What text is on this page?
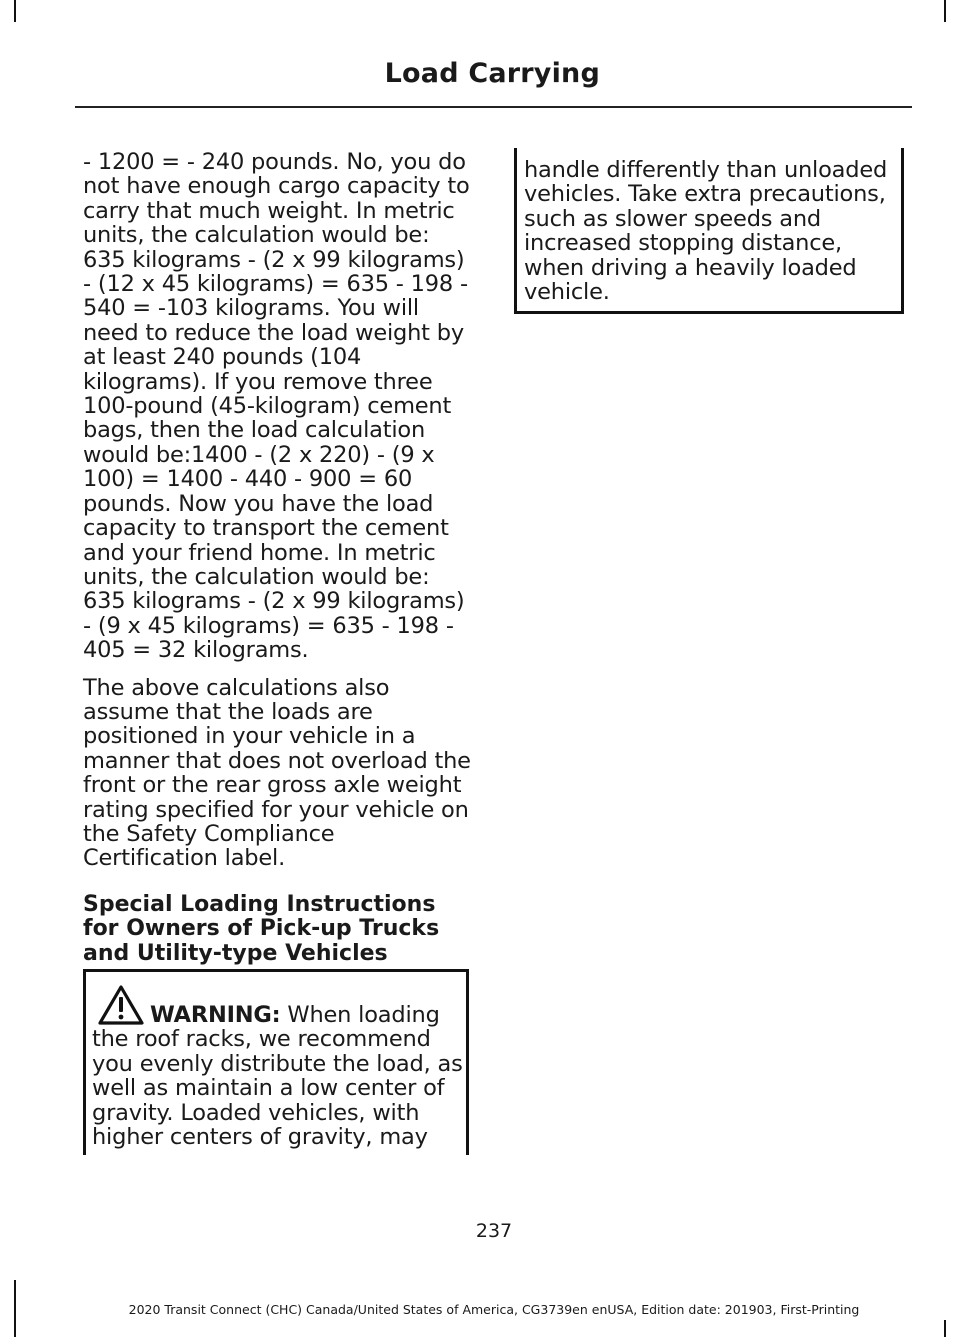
Load Carrying

- 1200 = - 240 pounds. No, you do not have enough cargo capacity to carry that much weight. In metric units, the calculation would be: 635 kilograms - (2 x 99 kilograms) - (12 x 45 kilograms) = 635 - 198 - 540 = -103 kilograms. You will need to reduce the load weight by at least 240 pounds (104 kilograms). If you remove three 100-pound (45-kilogram) cement bags, then the load calculation would be:1400 - (2 x 220) - (9 x 100) = 1400 - 440 - 900 = 60 pounds. Now you have the load capacity to transport the cement and your friend home. In metric units, the calculation would be: 635 kilograms - (2 x 99 kilograms) - (9 x 45 kilograms) = 635 - 198 - 405 = 32 kilograms.

The above calculations also assume that the loads are positioned in your vehicle in a manner that does not overload the front or the rear gross axle weight rating specified for your vehicle on the Safety Compliance Certification label.

Special Loading Instructions for Owners of Pick-up Trucks and Utility-type Vehicles
WARNING: When loading the roof racks, we recommend you evenly distribute the load, as well as maintain a low center of gravity. Loaded vehicles, with higher centers of gravity, may
handle differently than unloaded vehicles. Take extra precautions, such as slower speeds and increased stopping distance, when driving a heavily loaded vehicle.
237
2020 Transit Connect (CHC) Canada/United States of America, CG3739en enUSA, Edition date: 201903, First-Printing
